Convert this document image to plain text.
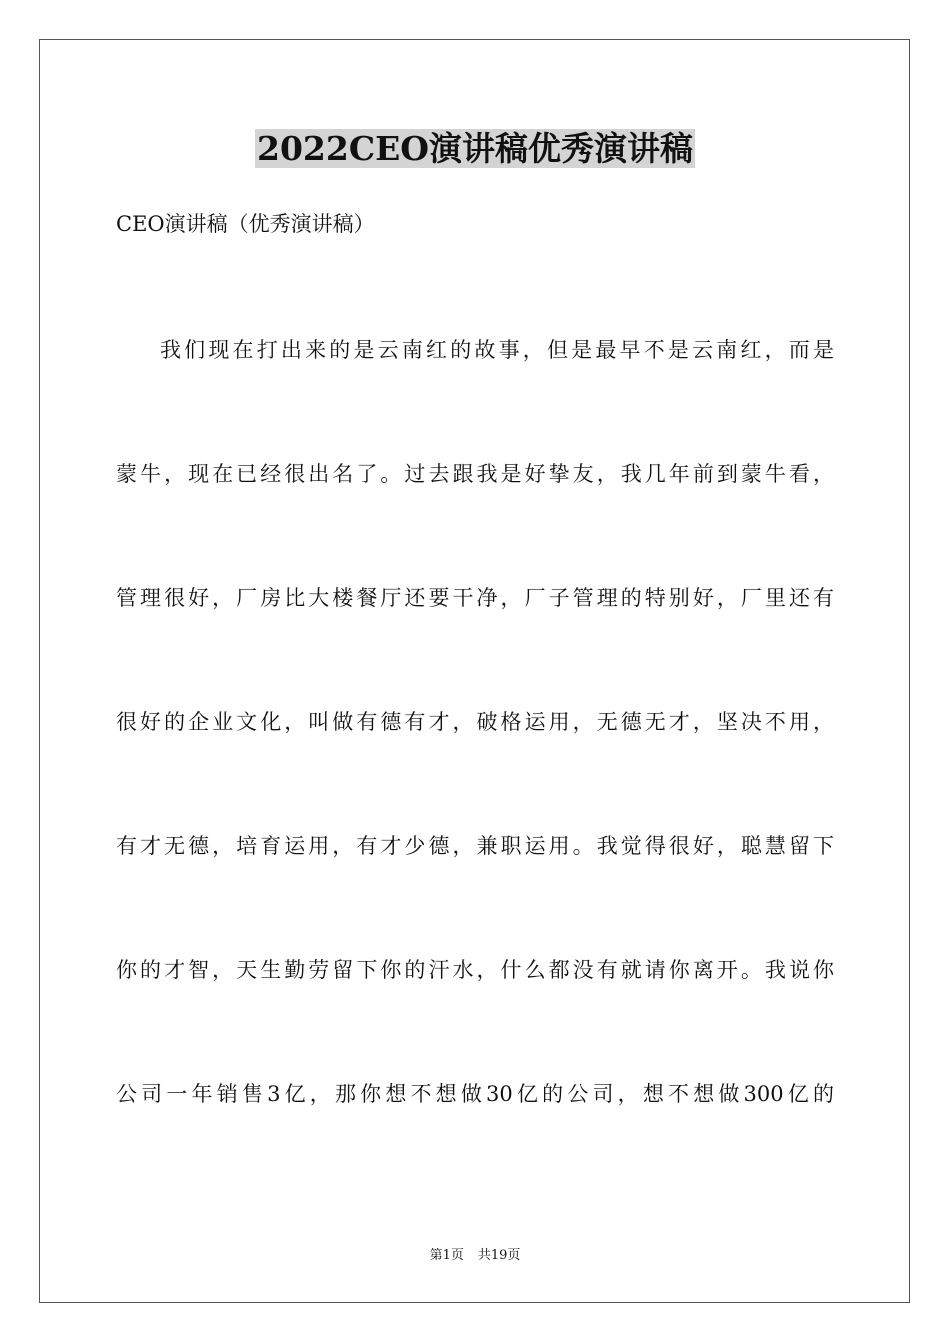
2022CEO演讲稿优秀演讲稿
CEO演讲稿（优秀演讲稿）
我们现在打出来的是云南红的故事，但是最早不是云南红，而是
蒙牛，现在已经很出名了。过去跟我是好挚友，我几年前到蒙牛看，
管理很好，厂房比大楼餐厅还要干净，厂子管理的特别好，厂里还有
很好的企业文化，叫做有德有才，破格运用，无德无才，坚决不用，
有才无德，培育运用，有才少德，兼职运用。我觉得很好，聪慧留下
你的才智，天生勤劳留下你的汗水，什么都没有就请你离开。我说你
公司一年销售3亿，那你想不想做30亿的公司，想不想做300亿的
第1页 共19页
